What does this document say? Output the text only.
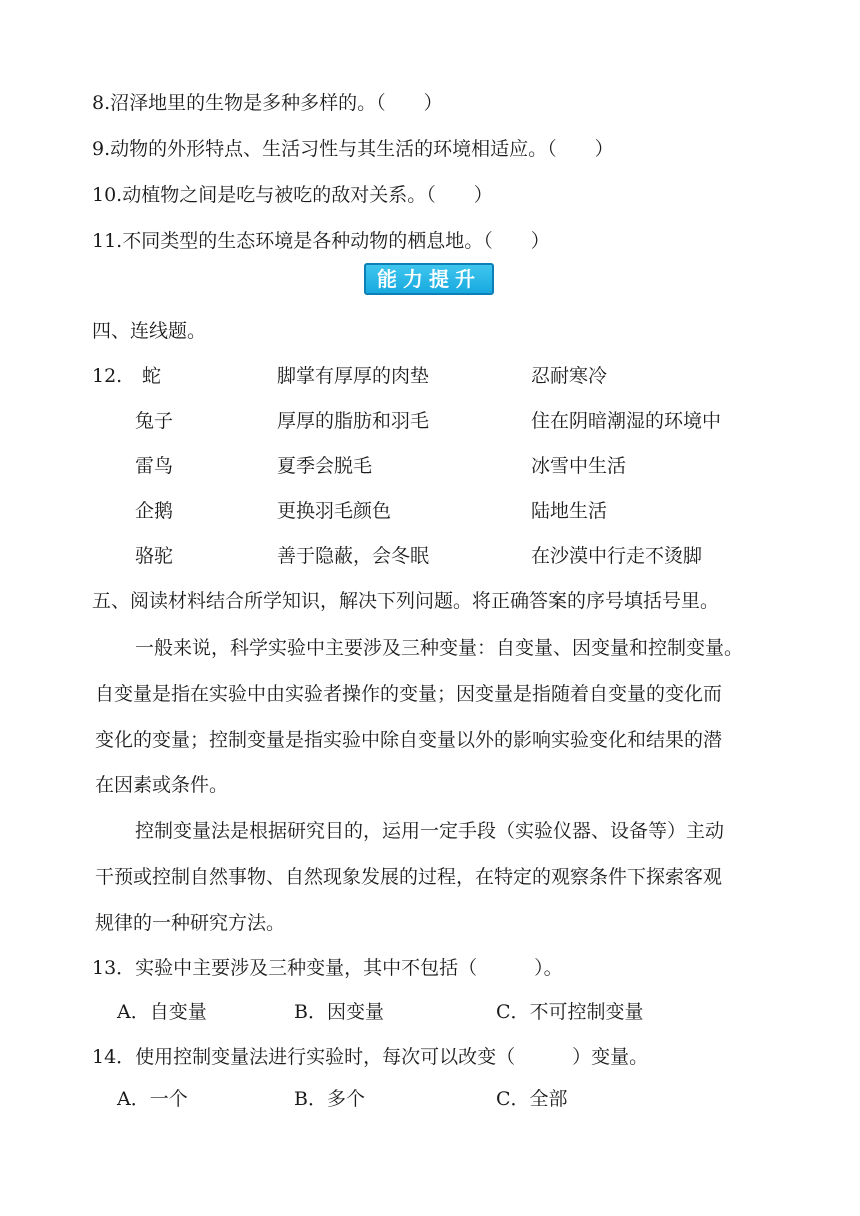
8.沼泽地里的生物是多种多样的。（　　）
9.动物的外形特点、生活习性与其生活的环境相适应。（　　）
10.动植物之间是吃与被吃的敌对关系。（　　）
11.不同类型的生态环境是各种动物的栖息地。（　　）
能力提升
四、连线题。
12. 蛇	脚掌有厚厚的肉垫	忍耐寒冷
兔子	厚厚的脂肪和羽毛	住在阴暗潮湿的环境中
雷鸟	夏季会脱毛	冰雪中生活
企鹅	更换羽毛颜色	陆地生活
骆驼	善于隐蔽，会冬眠	在沙漠中行走不烫脚
五、阅读材料结合所学知识，解决下列问题。将正确答案的序号填括号里。
一般来说，科学实验中主要涉及三种变量：自变量、因变量和控制变量。
自变量是指在实验中由实验者操作的变量；因变量是指随着自变量的变化而
变化的变量；控制变量是指实验中除自变量以外的影响实验变化和结果的潜
在因素或条件。
控制变量法是根据研究目的，运用一定手段（实验仪器、设备等）主动
干预或控制自然事物、自然现象发展的过程，在特定的观察条件下探索客观
规律的一种研究方法。
13．实验中主要涉及三种变量，其中不包括（　　　）。
A．自变量	B．因变量	C．不可控制变量
14．使用控制变量法进行实验时，每次可以改变（　　　）变量。
A．一个	B．多个	C．全部
